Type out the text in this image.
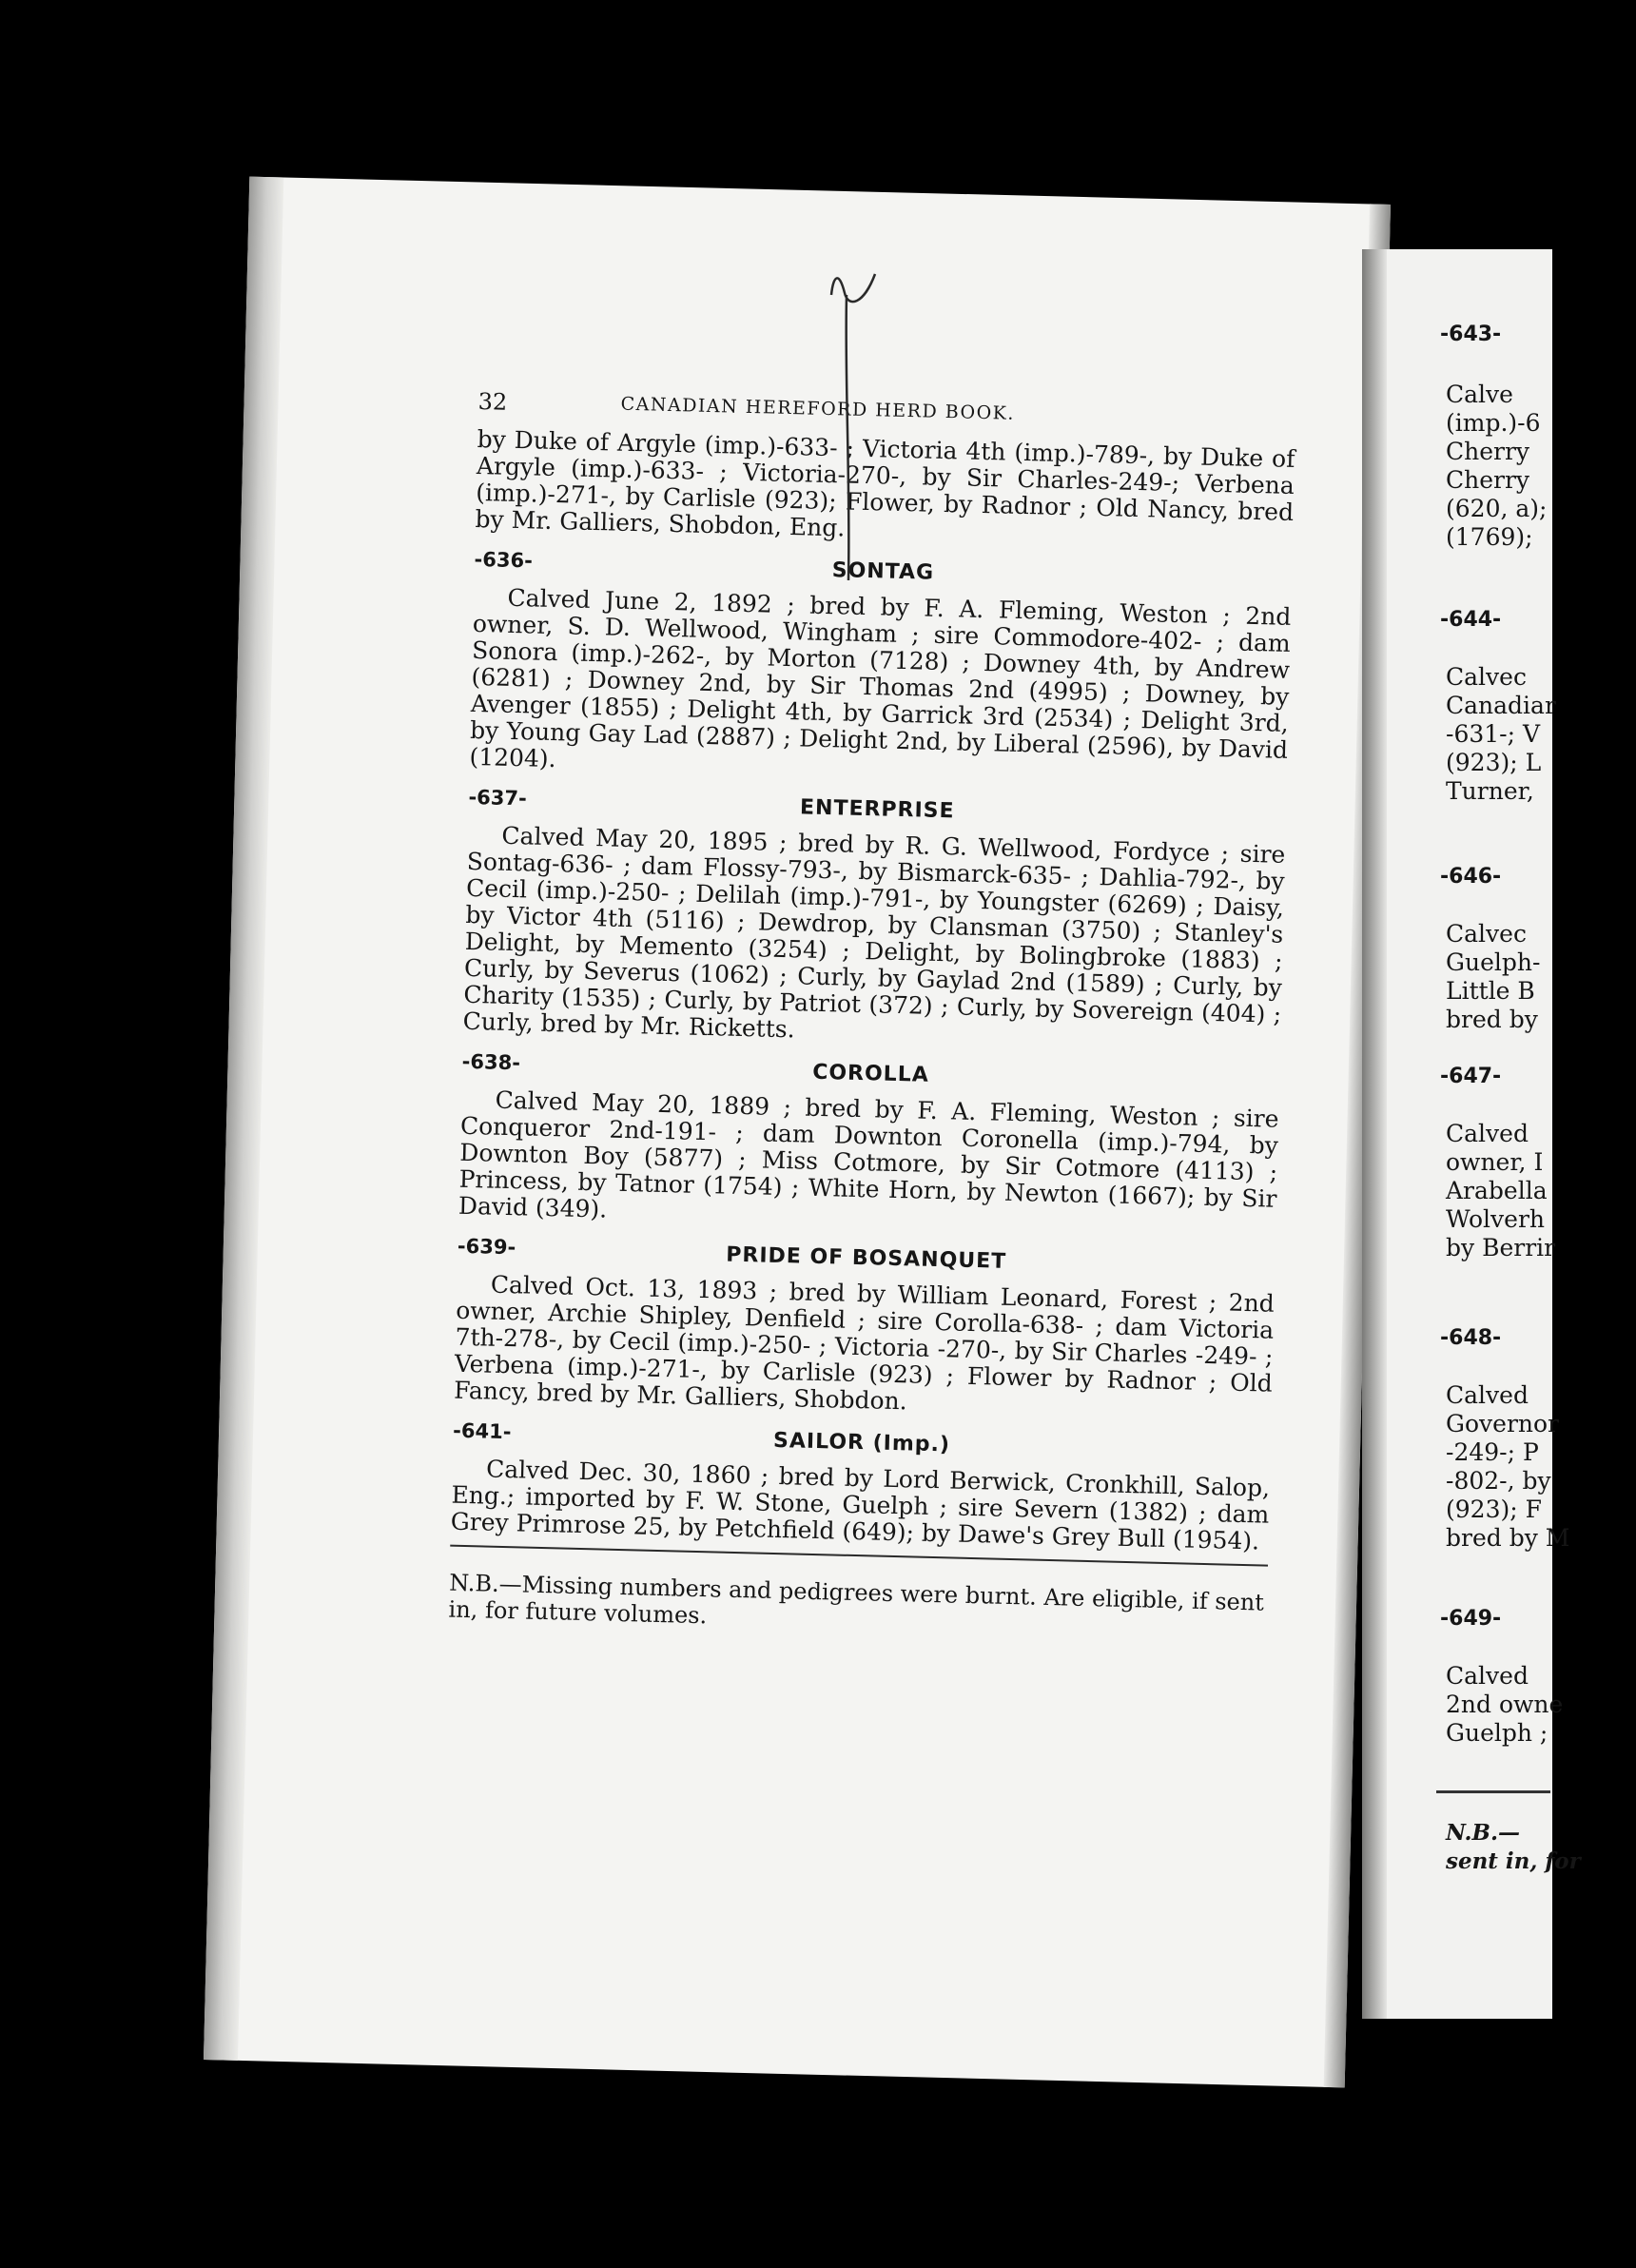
-643-
Calve
(imp.)-6
Cherry
Cherry
(620, a);
(1769);
-644-
Calvec
Canadiar
-631-; V
(923); L
Turner,
-646-
Calvec
Guelph-
Little B
bred by
-647-
Calved
owner, I
Arabella
Wolverh
by Berrir
-648-
Calved
Governor
-249-; P
-802-, by
(923); F
bred by M
-649-
Calved
2nd owne
Guelph ;
N.B.—
sent in, for
32	CANADIAN HEREFORD HERD BOOK.

by Duke of Argyle (imp.)-633- ; Victoria 4th (imp.)-789-, by Duke of Argyle (imp.)-633- ; Victoria-270-, by Sir Charles-249-; Verbena (imp.)-271-, by Carlisle (923); Flower, by Radnor ; Old Nancy, bred by Mr. Galliers, Shobdon, Eng.

-636-	SONTAG

Calved June 2, 1892 ; bred by F. A. Fleming, Weston ; 2nd owner, S. D. Wellwood, Wingham ; sire Commodore-402- ; dam Sonora (imp.)-262-, by Morton (7128) ; Downey 4th, by Andrew (6281) ; Downey 2nd, by Sir Thomas 2nd (4995) ; Downey, by Avenger (1855) ; Delight 4th, by Garrick 3rd (2534) ; Delight 3rd, by Young Gay Lad (2887) ; Delight 2nd, by Liberal (2596), by David (1204).

-637-	ENTERPRISE

Calved May 20, 1895 ; bred by R. G. Wellwood, Fordyce ; sire Sontag-636- ; dam Flossy-793-, by Bismarck-635- ; Dahlia-792-, by Cecil (imp.)-250- ; Delilah (imp.)-791-, by Youngster (6269) ; Daisy, by Victor 4th (5116) ; Dewdrop, by Clansman (3750) ; Stanley's Delight, by Memento (3254) ; Delight, by Bolingbroke (1883) ; Curly, by Severus (1062) ; Curly, by Gaylad 2nd (1589) ; Curly, by Charity (1535) ; Curly, by Patriot (372) ; Curly, by Sovereign (404) ; Curly, bred by Mr. Ricketts.

-638-	COROLLA

Calved May 20, 1889 ; bred by F. A. Fleming, Weston ; sire Conqueror 2nd-191- ; dam Downton Coronella (imp.)-794, by Downton Boy (5877) ; Miss Cotmore, by Sir Cotmore (4113) ; Princess, by Tatnor (1754) ; White Horn, by Newton (1667); by Sir David (349).

-639-	PRIDE OF BOSANQUET

Calved Oct. 13, 1893 ; bred by William Leonard, Forest ; 2nd owner, Archie Shipley, Denfield ; sire Corolla-638- ; dam Victoria 7th-278-, by Cecil (imp.)-250- ; Victoria -270-, by Sir Charles -249- ; Verbena (imp.)-271-, by Carlisle (923) ; Flower by Radnor ; Old Fancy, bred by Mr. Galliers, Shobdon.

-641-	SAILOR (Imp.)

Calved Dec. 30, 1860 ; bred by Lord Berwick, Cronkhill, Salop, Eng.; imported by F. W. Stone, Guelph ; sire Severn (1382) ; dam Grey Primrose 25, by Petchfield (649); by Dawe's Grey Bull (1954).

N.B.—Missing numbers and pedigrees were burnt. Are eligible, if sent in, for future volumes.
